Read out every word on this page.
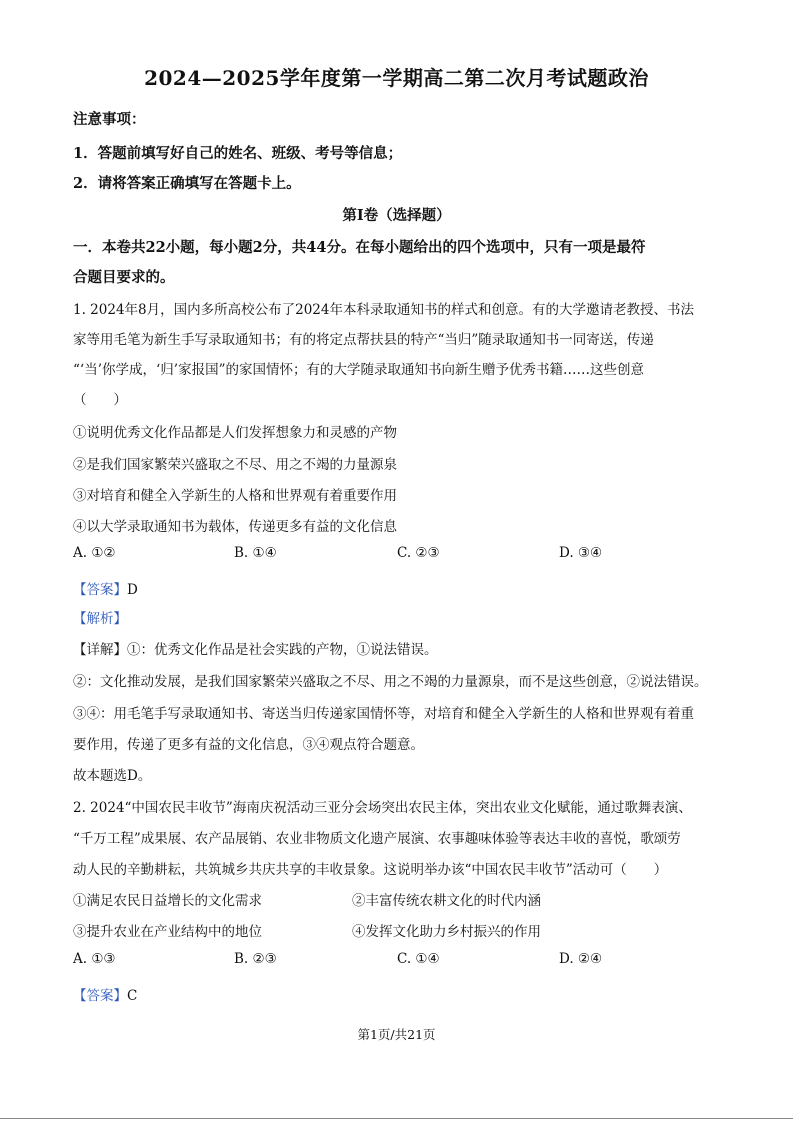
2024—2025学年度第一学期高二第二次月考试题政治
注意事项：
1．答题前填写好自己的姓名、班级、考号等信息；
2．请将答案正确填写在答题卡上。
第Ⅰ卷（选择题）
一．本卷共22小题，每小题2分，共44分。在每小题给出的四个选项中，只有一项是最符
合题目要求的。
1. 2024年8月，国内多所高校公布了2024年本科录取通知书的样式和创意。有的大学邀请老教授、书法
家等用毛笔为新生手写录取通知书；有的将定点帮扶县的特产“当归”随录取通知书一同寄送，传递
“‘当’你学成，‘归’家报国”的家国情怀；有的大学随录取通知书向新生赠予优秀书籍……这些创意
（　　）
①说明优秀文化作品都是人们发挥想象力和灵感的产物
②是我们国家繁荣兴盛取之不尽、用之不竭的力量源泉
③对培育和健全入学新生的人格和世界观有着重要作用
④以大学录取通知书为载体，传递更多有益的文化信息
A. ①②	B. ①④	C. ②③	D. ③④
【答案】D
【解析】
【详解】①：优秀文化作品是社会实践的产物，①说法错误。
②：文化推动发展，是我们国家繁荣兴盛取之不尽、用之不竭的力量源泉，而不是这些创意，②说法错误。
③④：用毛笔手写录取通知书、寄送当归传递家国情怀等，对培育和健全入学新生的人格和世界观有着重
要作用，传递了更多有益的文化信息，③④观点符合题意。
故本题选D。
2. 2024“中国农民丰收节”海南庆祝活动三亚分会场突出农民主体，突出农业文化赋能，通过歌舞表演、
“千万工程”成果展、农产品展销、农业非物质文化遗产展演、农事趣味体验等表达丰收的喜悦，歌颂劳
动人民的辛勤耕耘，共筑城乡共庆共享的丰收景象。这说明举办该“中国农民丰收节”活动可（　　）
①满足农民日益增长的文化需求	②丰富传统农耕文化的时代内涵
③提升农业在产业结构中的地位	④发挥文化助力乡村振兴的作用
A. ①③	B. ②③	C. ①④	D. ②④
【答案】C
第1页/共21页
